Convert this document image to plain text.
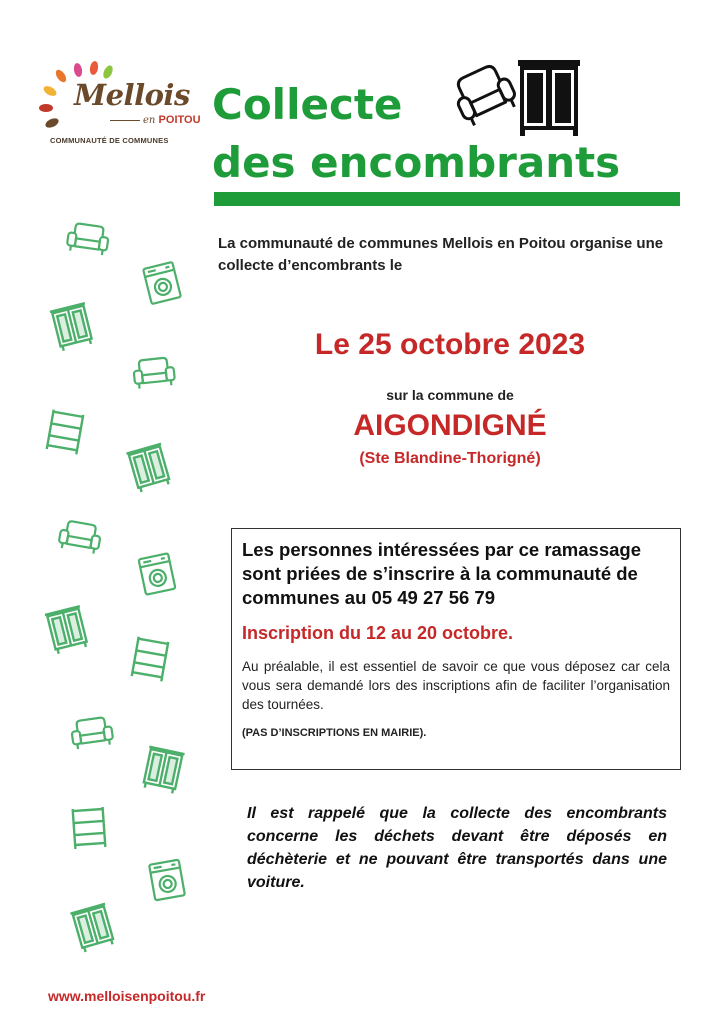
Mellois
en POITOU
COMMUNAUTÉ DE COMMUNES
Collecte
des encombrants
La communauté de communes Mellois en Poitou organise une collecte d’encombrants le
Le 25 octobre 2023
sur la commune de
AIGONDIGNÉ
(Ste Blandine-Thorigné)
Les personnes intéressées par ce ramassage sont priées de s’inscrire à la communauté de communes au 05 49 27 56 79
Inscription du 12 au 20 octobre.
Au préalable, il est essentiel de savoir ce que vous déposez car cela vous sera demandé lors des inscriptions afin de faciliter l’organisation des tournées.
(PAS D’INSCRIPTIONS EN MAIRIE).
Il est rappelé que la collecte des encombrants concerne les déchets devant être déposés en déchèterie et ne pouvant être transportés dans une voiture.
www.melloisenpoitou.fr
